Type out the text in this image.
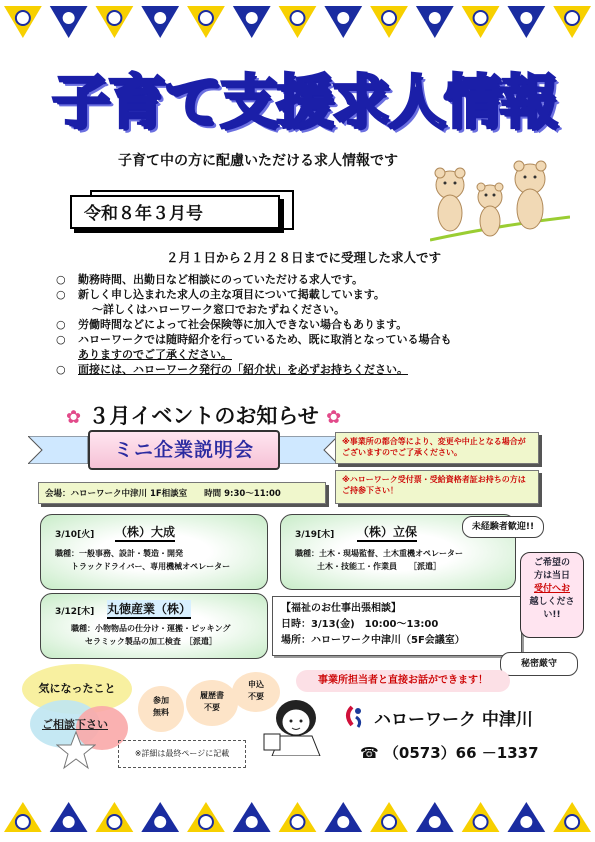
子育て支援求人情報
子育て中の方に配慮いただける求人情報です
令和８年３月号
２月１日から２月２８日までに受理した求人です
○ 勤務時間、出勤日など相談にのっていただける求人です。
○ 新しく申し込まれた求人の主な項目について掲載しています。
〜詳しくはハローワーク窓口でおたずねください。
○ 労働時間などによって社会保険等に加入できない場合もあります。
○ ハローワークでは随時紹介を行っているため、既に取消となっている場合も
ありますのでご了承ください。
○ 面接には、ハローワーク発行の「紹介状」を必ずお持ちください。
✿ ３月イベントのお知らせ ✿
ミニ企業説明会	※事業所の都合等により、変更や中止となる場合がございますのでご了承ください。
※ハローワーク受付票・受給資格者証お持ちの方はご持参下さい！
会場：ハローワーク中津川 1F相談室　　時間 9:30～11:00
3/10[火] （株）大成
職種：一般事務、設計・製造・開発
トラックドライバー、専用機械オペレーター
3/19[木] （株）立保
職種：土木・現場監督、土木重機オペレーター
土木・技能工・作業員　　［派遣］
3/12[木] 丸徳産業（株）
職種：小物物品の仕分け・運搬・ピッキング
セラミック製品の加工検査　［派遣］
未経験者歓迎!!
【福祉のお仕事出張相談】
日時：3/13(金)　10:00～13:00
場所：ハローワーク中津川（5F会議室）
ご希望の
方は当日
受付へお
越しくださ
い!!
秘密厳守
事業所担当者と直接お話ができます！
気になったこと
ご相談下さい
参加
無料
履歴書
不要
申込
不要
※詳細は最終ページに記載
ハローワーク 中津川
☎ （0573）66 －1337
